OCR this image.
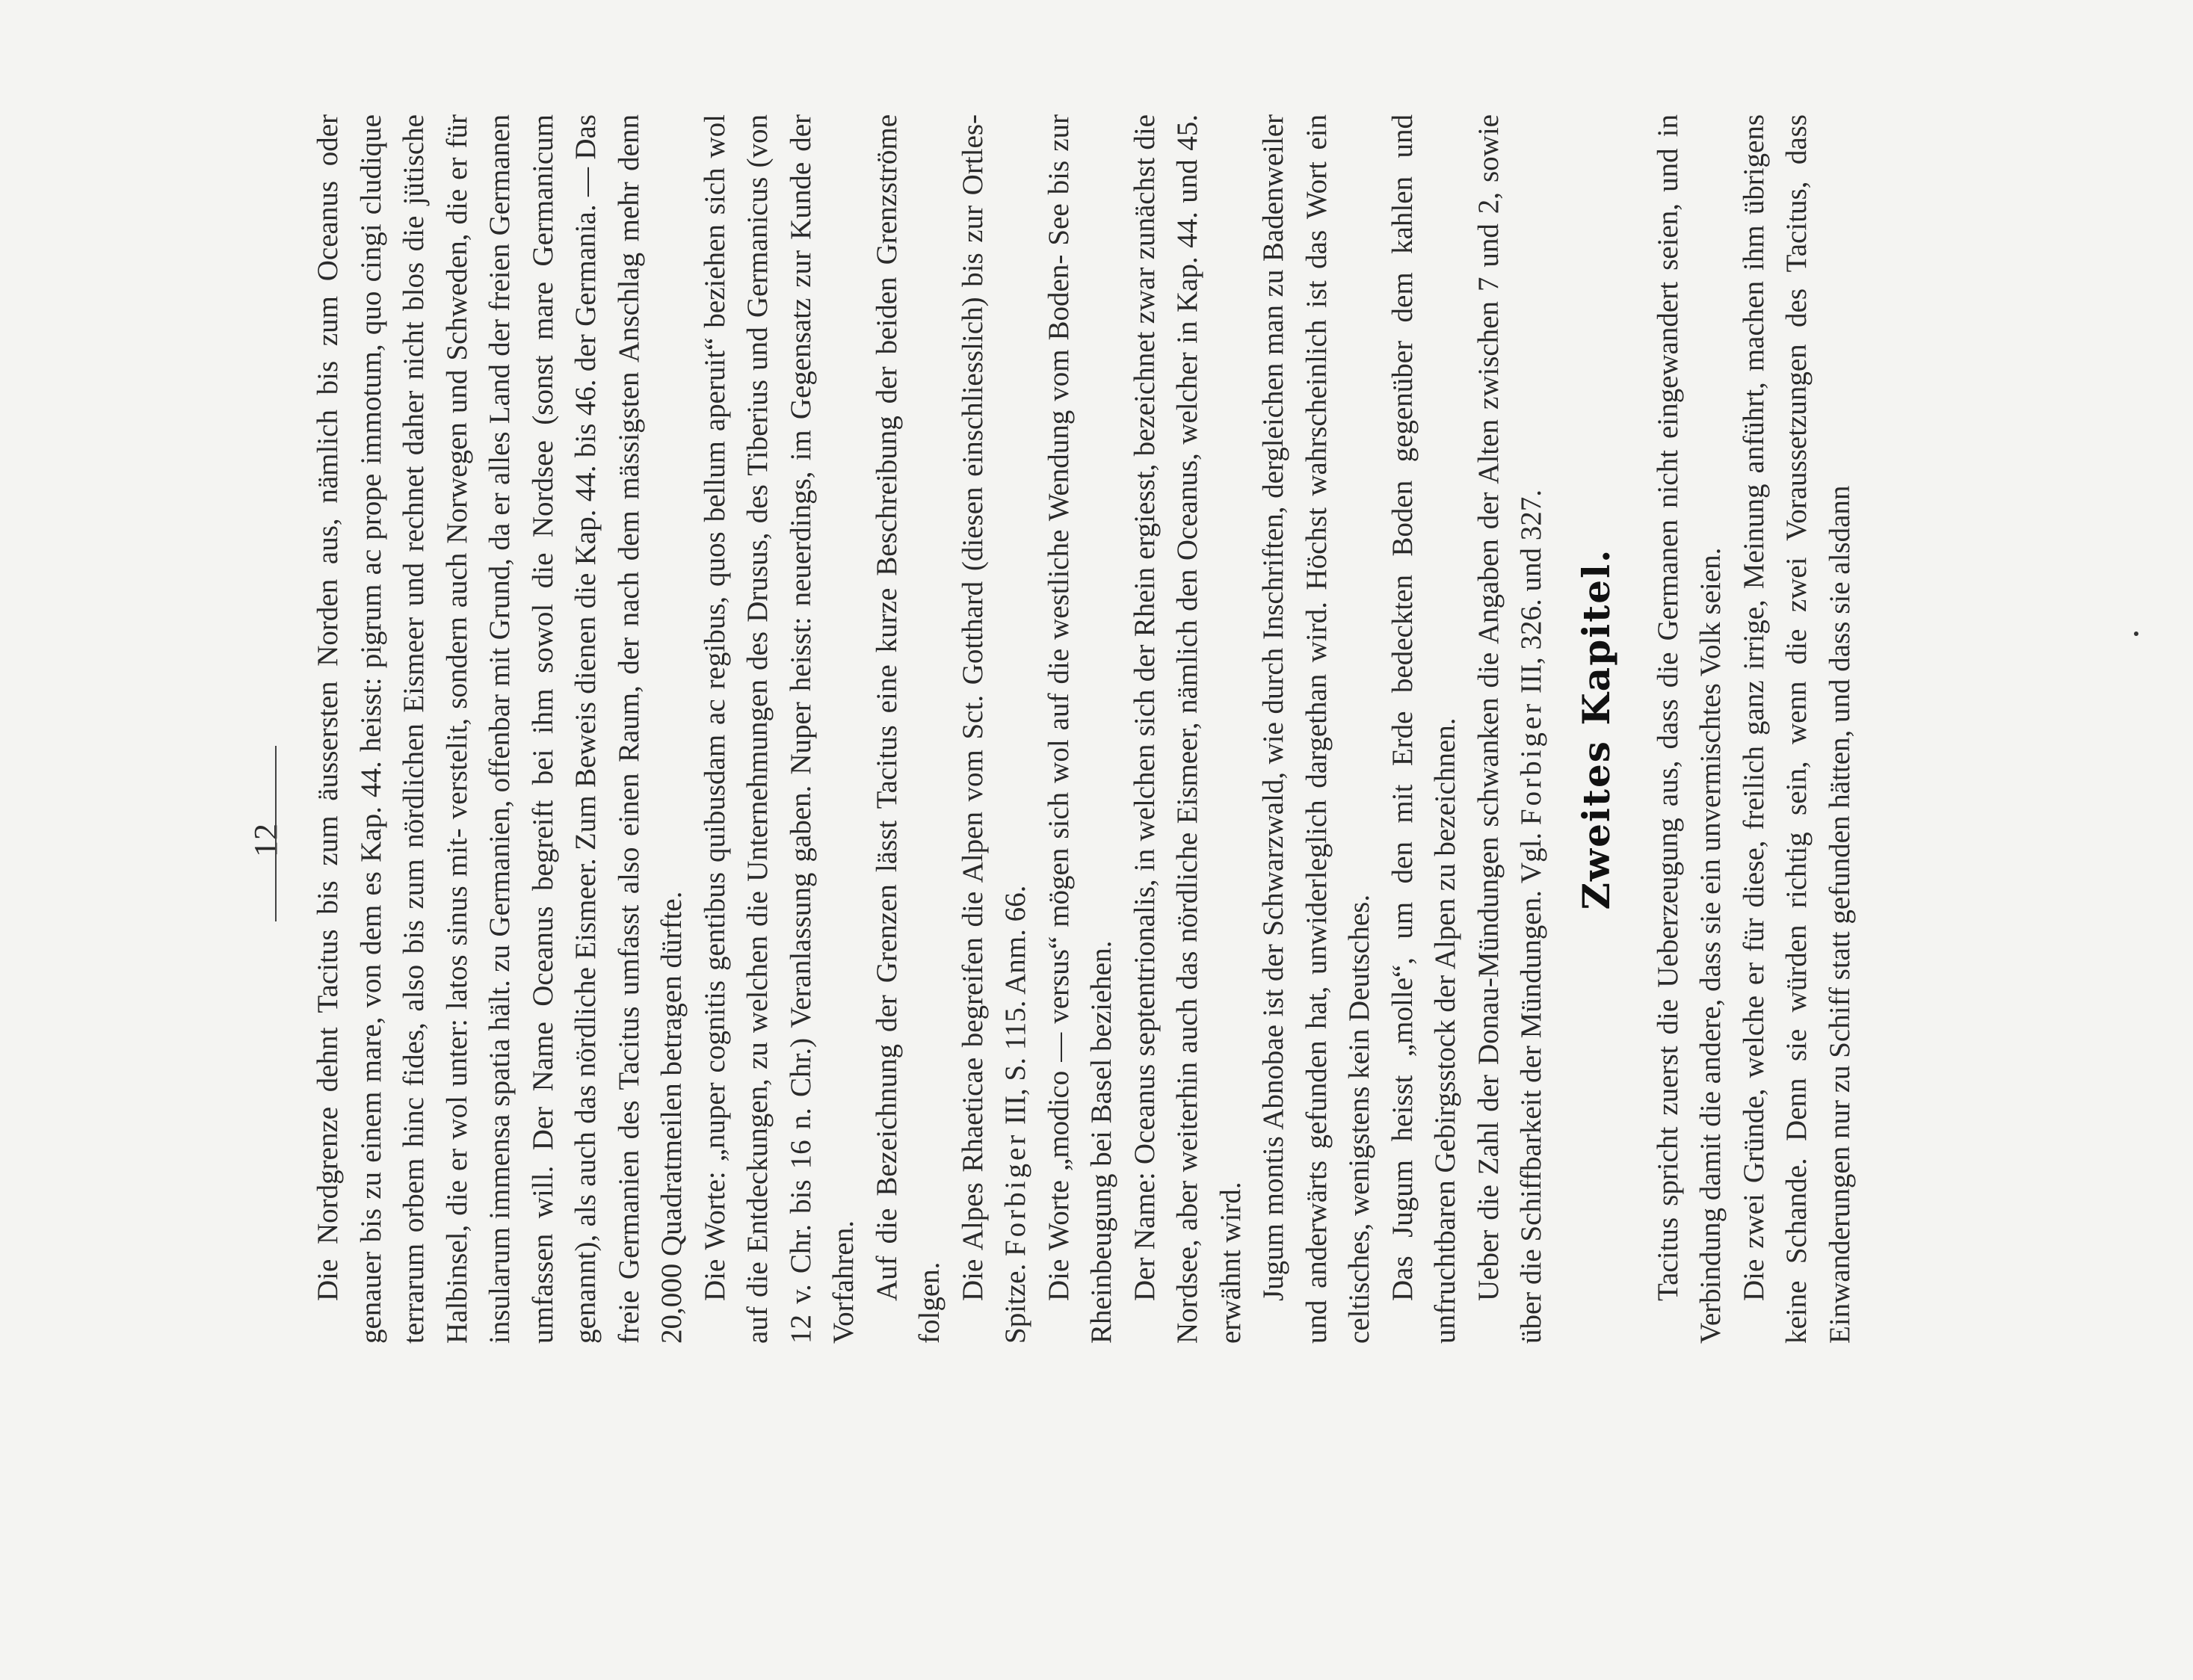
12 Die Nordgrenze dehnt Tacitus bis zum äussersten Norden aus, nämlich bis zum Oceanus oder genauer bis zu einem mare, von dem es Kap. 44. heisst: pigrum ac prope immotum, quo cingi cludique terrarum orbem hinc fides, also bis zum nördlichen Eismeer und rechnet daher nicht blos die jütische Halbinsel, die er wol unter: latos sinus mit- verstelit, sondern auch Norwegen und Schweden, die er für insularum immensa spatia hält. zu Germanien, offenbar mit Grund, da er alles Land der freien Germanen umfassen will. Der Name Oceanus begreift bei ihm sowol die Nordsee (sonst mare Germanicum genannt), als auch das nördliche Eismeer. Zum Beweis dienen die Kap. 44. bis 46. der Germania. — Das freie Germanien des Tacitus umfasst also einen Raum, der nach dem mässigsten Anschlag mehr denn 20,000 Quadratmeilen betragen dürfte. Die Worte: „nuper cognitis gentibus quibusdam ac regibus, quos bellum aperuit“ beziehen sich wol auf die Entdeckungen, zu welchen die Unternehmungen des Drusus, des Tiberius und Germanicus (von 12 v. Chr. bis 16 n. Chr.) Veranlassung gaben. Nuper heisst: neuerdings, im Gegensatz zur Kunde der Vorfahren. Auf die Bezeichnung der Grenzen lässt Tacitus eine kurze Beschreibung der beiden Grenzströme folgen.

Die Alpes Rhaeticae begreifen die Alpen vom Sct. Gotthard (diesen einschliesslich) bis zur Ortles-Spitze. Forbiger III, S. 115. Anm. 66. Die Worte „modico — versus“ mögen sich wol auf die westliche Wendung vom Boden- See bis zur Rheinbeugung bei Basel beziehen. Der Name: Oceanus septentrionalis, in welchen sich der Rhein ergiesst, bezeichnet zwar zunächst die Nordsee, aber weiterhin auch das nördliche Eismeer, nämlich den Oceanus, welcher in Kap. 44. und 45. erwähnt wird. Jugum montis Abnobae ist der Schwarzwald, wie durch Inschriften, dergleichen man zu Badenweiler und anderwärts gefunden hat, unwiderleglich dargethan wird. Höchst wahrscheinlich ist das Wort ein celtisches, wenigstens kein Deutsches. Das Jugum heisst „molle“, um den mit Erde bedeckten Boden gegenüber dem kahlen und unfruchtbaren Gebirgsstock der Alpen zu bezeichnen. Ueber die Zahl der Donau-Mündungen schwanken die Angaben der Alten zwischen 7 und 2, sowie über die Schiffbarkeit der Mündungen. Vgl. Forbiger III, 326. und 327. Zweites Kapitel. Tacitus spricht zuerst die Ueberzeugung aus, dass die Germanen nicht eingewandert seien, und in Verbindung damit die andere, dass sie ein unvermischtes Volk seien. Die zwei Gründe, welche er für diese, freilich ganz irrige, Meinung anführt, machen ihm übrigens keine Schande. Denn sie würden richtig sein, wenn die zwei Voraussetzungen des Tacitus, dass Einwanderungen nur zu Schiff statt gefunden hätten, und dass sie alsdann
